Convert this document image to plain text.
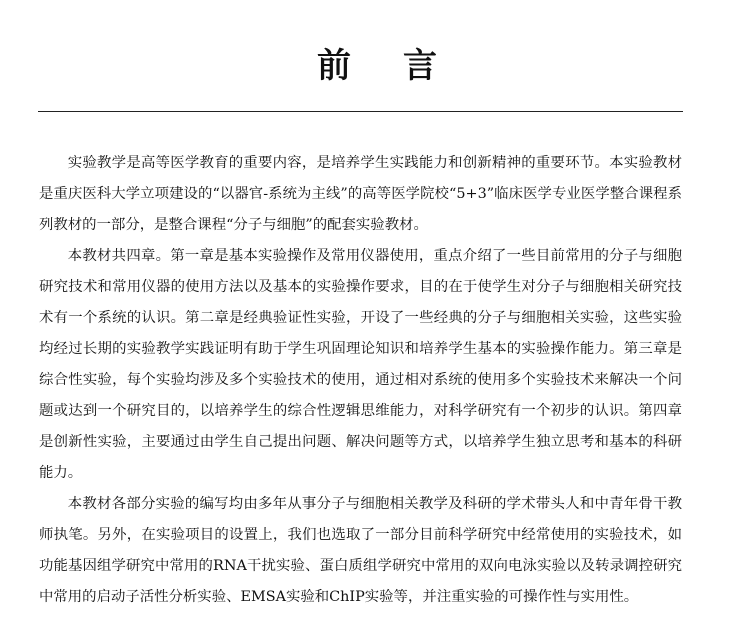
前 言

实验教学是高等医学教育的重要内容，是培养学生实践能力和创新精神的重要环节。本实验教材是重庆医科大学立项建设的“以器官-系统为主线”的高等医学院校“5+3”临床医学专业医学整合课程系列教材的一部分，是整合课程“分子与细胞”的配套实验教材。

本教材共四章。第一章是基本实验操作及常用仪器使用，重点介绍了一些目前常用的分子与细胞研究技术和常用仪器的使用方法以及基本的实验操作要求，目的在于使学生对分子与细胞相关研究技术有一个系统的认识。第二章是经典验证性实验，开设了一些经典的分子与细胞相关实验，这些实验均经过长期的实验教学实践证明有助于学生巩固理论知识和培养学生基本的实验操作能力。第三章是综合性实验，每个实验均涉及多个实验技术的使用，通过相对系统的使用多个实验技术来解决一个问题或达到一个研究目的，以培养学生的综合性逻辑思维能力，对科学研究有一个初步的认识。第四章是创新性实验，主要通过由学生自己提出问题、解决问题等方式，以培养学生独立思考和基本的科研能力。

本教材各部分实验的编写均由多年从事分子与细胞相关教学及科研的学术带头人和中青年骨干教师执笔。另外，在实验项目的设置上，我们也选取了一部分目前科学研究中经常使用的实验技术，如功能基因组学研究中常用的RNA干扰实验、蛋白质组学研究中常用的双向电泳实验以及转录调控研究中常用的启动子活性分析实验、EMSA实验和ChIP实验等，并注重实验的可操作性与实用性。
